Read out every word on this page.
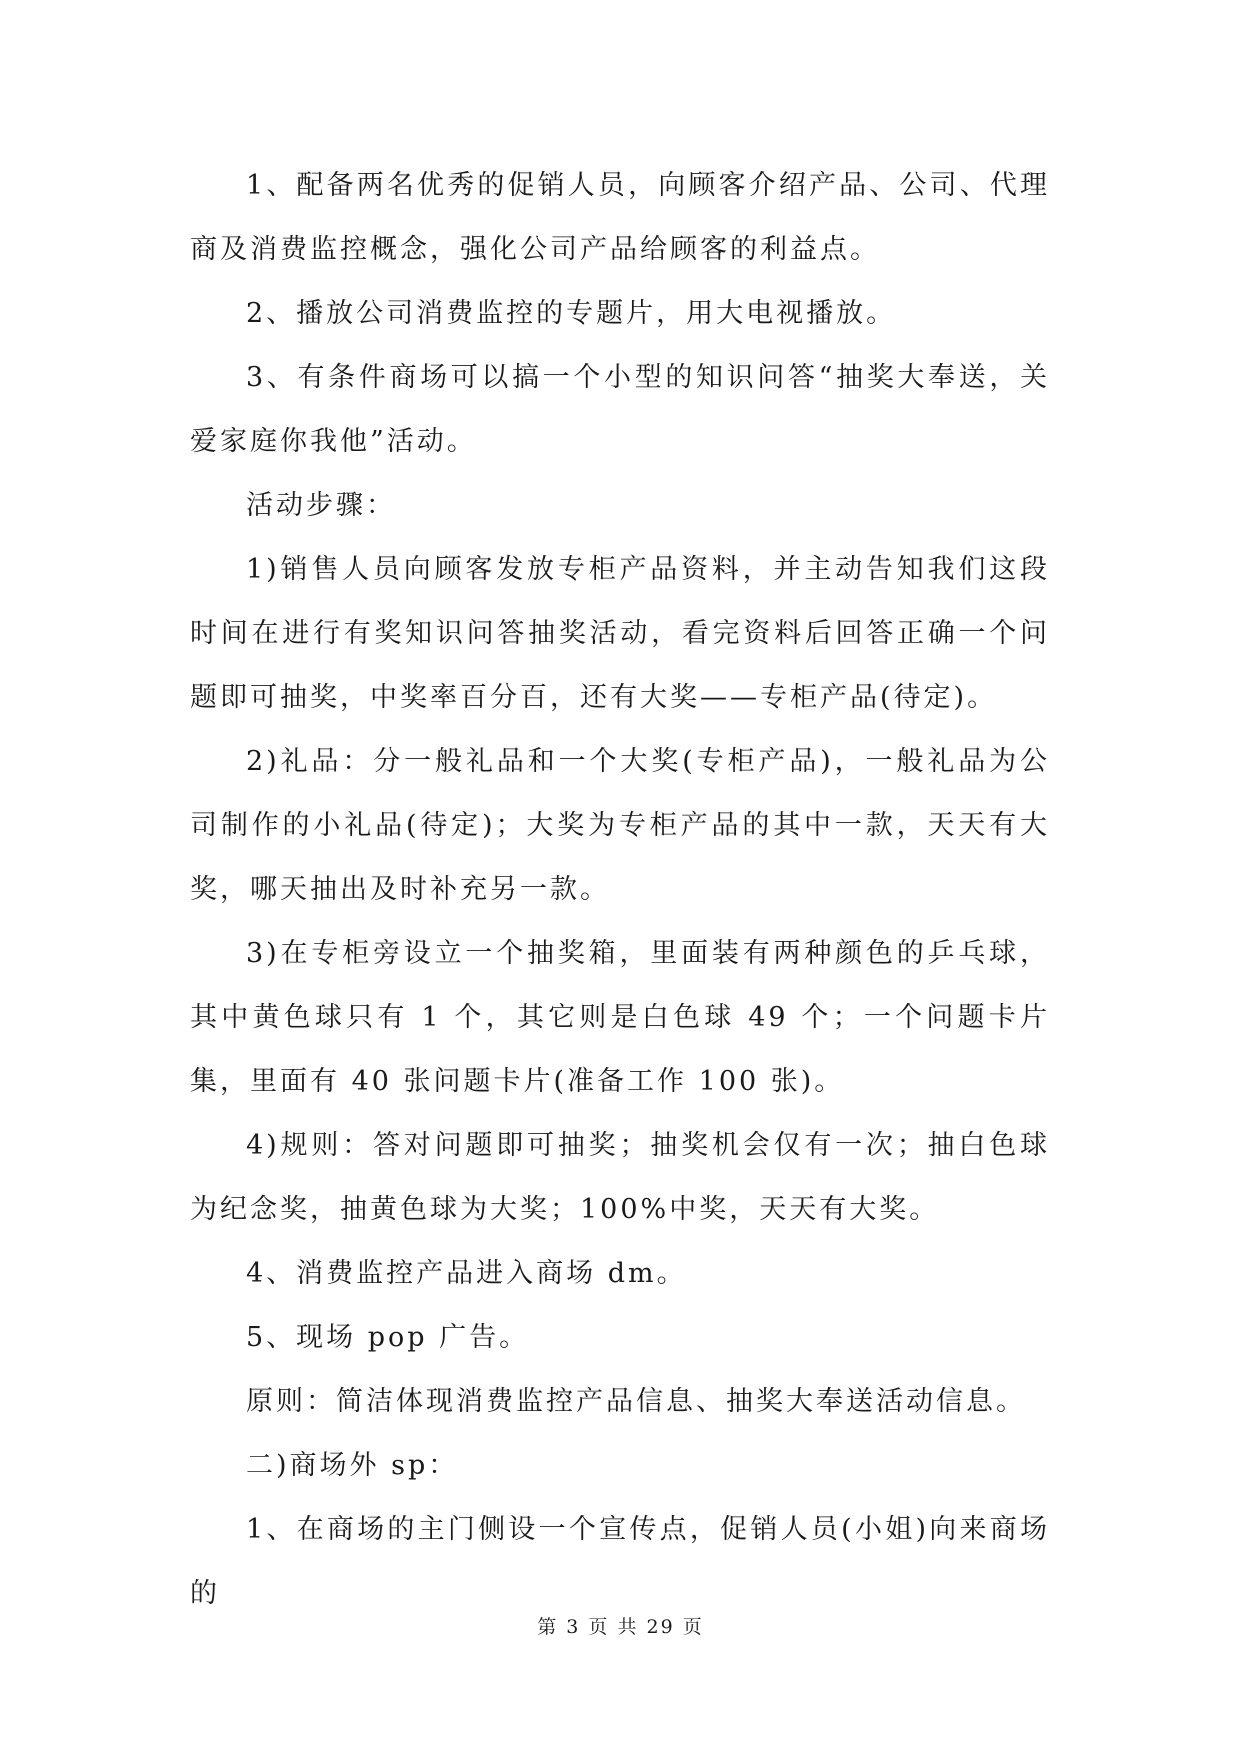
1、配备两名优秀的促销人员，向顾客介绍产品、公司、代理商及消费监控概念，强化公司产品给顾客的利益点。

2、播放公司消费监控的专题片，用大电视播放。

3、有条件商场可以搞一个小型的知识问答“抽奖大奉送，关爱家庭你我他”活动。

活动步骤：

1)销售人员向顾客发放专柜产品资料，并主动告知我们这段时间在进行有奖知识问答抽奖活动，看完资料后回答正确一个问题即可抽奖，中奖率百分百，还有大奖——专柜产品(待定)。

2)礼品：分一般礼品和一个大奖(专柜产品)，一般礼品为公司制作的小礼品(待定)；大奖为专柜产品的其中一款，天天有大奖，哪天抽出及时补充另一款。

3)在专柜旁设立一个抽奖箱，里面装有两种颜色的乒乓球，其中黄色球只有 1 个，其它则是白色球 49 个；一个问题卡片集，里面有 40 张问题卡片(准备工作 100 张)。

4)规则：答对问题即可抽奖；抽奖机会仅有一次；抽白色球为纪念奖，抽黄色球为大奖；100%中奖，天天有大奖。

4、消费监控产品进入商场 dm。

5、现场 pop 广告。

原则：简洁体现消费监控产品信息、抽奖大奉送活动信息。

二)商场外 sp：

1、在商场的主门侧设一个宣传点，促销人员(小姐)向来商场的

第 3 页 共 29 页
